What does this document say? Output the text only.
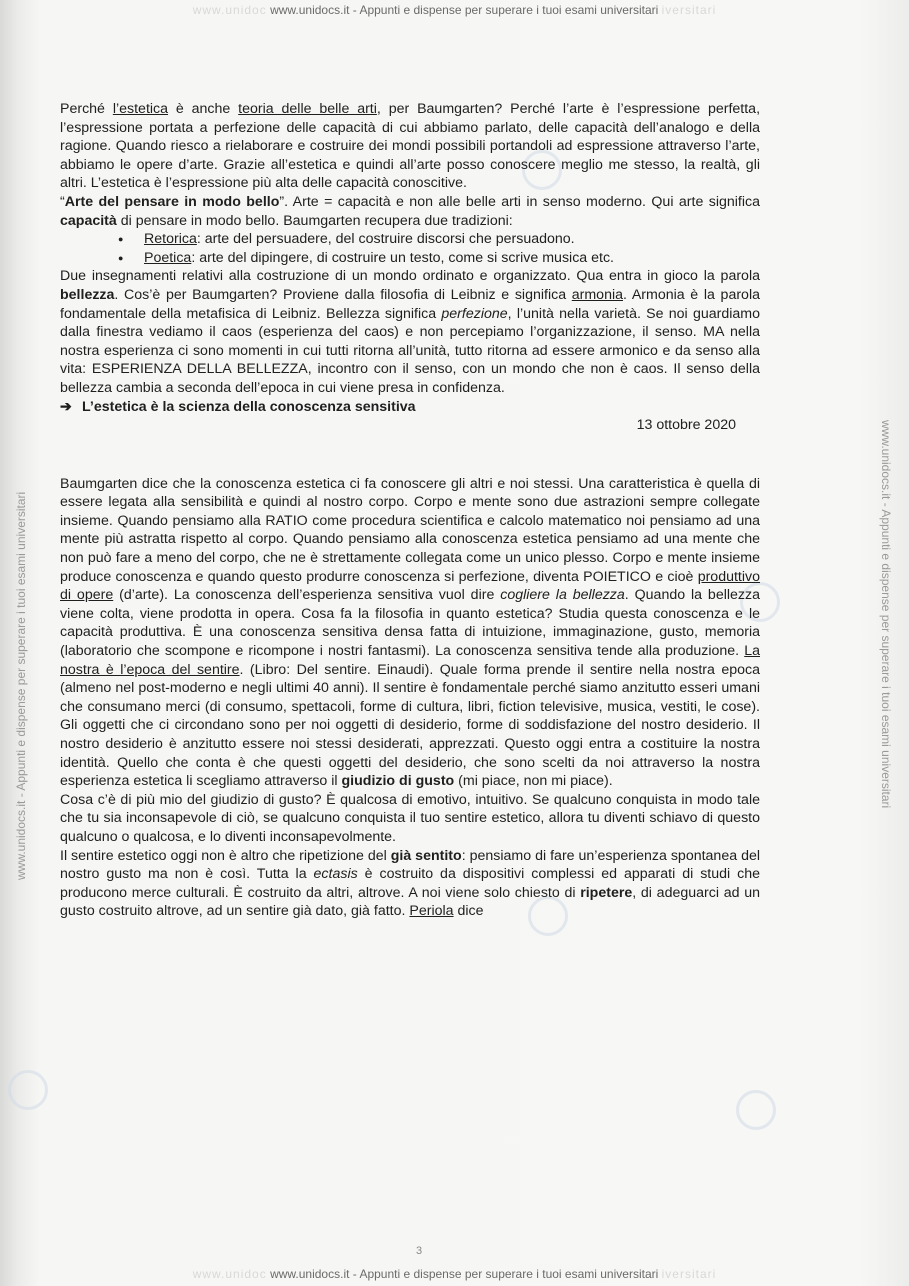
www.unidoc www.unidocs.it - Appunti e dispense per superare i tuoi esami universitari iversitari
www.unidocs.it - Appunti e dispense per superare i tuoi esami universitari	www.unidocs.it - Appunti e dispense per superare i tuoi esami universitari

Perché l’estetica è anche teoria delle belle arti, per Baumgarten? Perché l’arte è l’espressione perfetta, l’espressione portata a perfezione delle capacità di cui abbiamo parlato, delle capacità dell’analogo e della ragione. Quando riesco a rielaborare e costruire dei mondi possibili portandoli ad espressione attraverso l’arte, abbiamo le opere d’arte. Grazie all’estetica e quindi all’arte posso conoscere meglio me stesso, la realtà, gli altri. L’estetica è l’espressione più alta delle capacità conoscitive.

“Arte del pensare in modo bello”. Arte = capacità e non alle belle arti in senso moderno. Qui arte significa capacità di pensare in modo bello. Baumgarten recupera due tradizioni:

● Retorica: arte del persuadere, del costruire discorsi che persuadono.
● Poetica: arte del dipingere, di costruire un testo, come si scrive musica etc.

Due insegnamenti relativi alla costruzione di un mondo ordinato e organizzato. Qua entra in gioco la parola bellezza. Cos’è per Baumgarten? Proviene dalla filosofia di Leibniz e significa armonia. Armonia è la parola fondamentale della metafisica di Leibniz. Bellezza significa perfezione, l’unità nella varietà. Se noi guardiamo dalla finestra vediamo il caos (esperienza del caos) e non percepiamo l’organizzazione, il senso. MA nella nostra esperienza ci sono momenti in cui tutti ritorna all’unità, tutto ritorna ad essere armonico e da senso alla vita: ESPERIENZA DELLA BELLEZZA, incontro con il senso, con un mondo che non è caos. Il senso della bellezza cambia a seconda dell’epoca in cui viene presa in confidenza.

➔ L’estetica è la scienza della conoscenza sensitiva

13 ottobre 2020

Baumgarten dice che la conoscenza estetica ci fa conoscere gli altri e noi stessi. Una caratteristica è quella di essere legata alla sensibilità e quindi al nostro corpo. Corpo e mente sono due astrazioni sempre collegate insieme. Quando pensiamo alla RATIO come procedura scientifica e calcolo matematico noi pensiamo ad una mente più astratta rispetto al corpo. Quando pensiamo alla conoscenza estetica pensiamo ad una mente che non può fare a meno del corpo, che ne è strettamente collegata come un unico plesso. Corpo e mente insieme produce conoscenza e quando questo produrre conoscenza si perfezione, diventa POIETICO e cioè produttivo di opere (d’arte). La conoscenza dell’esperienza sensitiva vuol dire cogliere la bellezza. Quando la bellezza viene colta, viene prodotta in opera. Cosa fa la filosofia in quanto estetica? Studia questa conoscenza e le capacità produttiva. È una conoscenza sensitiva densa fatta di intuizione, immaginazione, gusto, memoria (laboratorio che scompone e ricompone i nostri fantasmi). La conoscenza sensitiva tende alla produzione. La nostra è l’epoca del sentire. (Libro: Del sentire. Einaudi). Quale forma prende il sentire nella nostra epoca (almeno nel post-moderno e negli ultimi 40 anni). Il sentire è fondamentale perché siamo anzitutto esseri umani che consumano merci (di consumo, spettacoli, forme di cultura, libri, fiction televisive, musica, vestiti, le cose). Gli oggetti che ci circondano sono per noi oggetti di desiderio, forme di soddisfazione del nostro desiderio. Il nostro desiderio è anzitutto essere noi stessi desiderati, apprezzati. Questo oggi entra a costituire la nostra identità. Quello che conta è che questi oggetti del desiderio, che sono scelti da noi attraverso la nostra esperienza estetica li scegliamo attraverso il giudizio di gusto (mi piace, non mi piace).

Cosa c’è di più mio del giudizio di gusto? È qualcosa di emotivo, intuitivo. Se qualcuno conquista in modo tale che tu sia inconsapevole di ciò, se qualcuno conquista il tuo sentire estetico, allora tu diventi schiavo di questo qualcuno o qualcosa, e lo diventi inconsapevolmente.

Il sentire estetico oggi non è altro che ripetizione del già sentito: pensiamo di fare un’esperienza spontanea del nostro gusto ma non è così. Tutta la ectasis è costruito da dispositivi complessi ed apparati di studi che producono merce culturali. È costruito da altri, altrove. A noi viene solo chiesto di ripetere, di adeguarci ad un gusto costruito altrove, ad un sentire già dato, già fatto. Periola dice

3
www.unidoc www.unidocs.it - Appunti e dispense per superare i tuoi esami universitari iversitari
